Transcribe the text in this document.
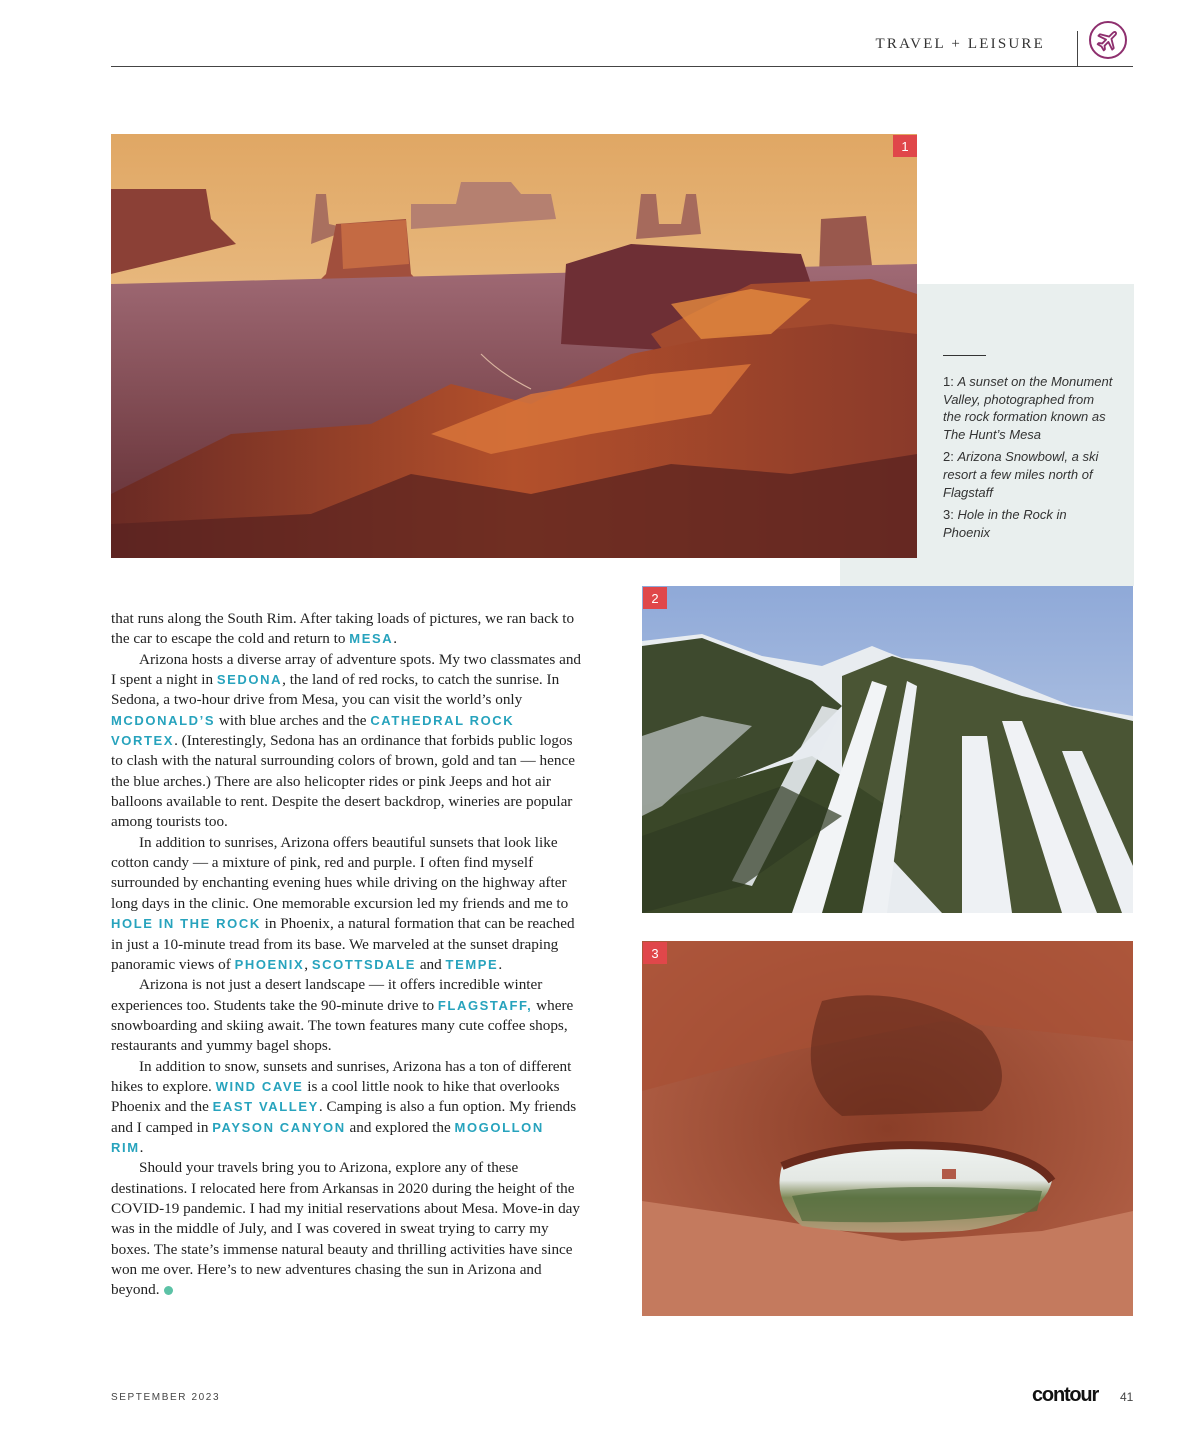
TRAVEL + LEISURE
1
1: A sunset on the Monument Valley, photographed from the rock formation known as The Hunt’s Mesa
2: Arizona Snowbowl, a ski resort a few miles north of Flagstaff
3: Hole in the Rock in Phoenix
2
3

that runs along the South Rim. After taking loads of pictures, we ran back to the car to escape the cold and return to MESA.

Arizona hosts a diverse array of adventure spots. My two classmates and I spent a night in SEDONA, the land of red rocks, to catch the sunrise. In Sedona, a two-hour drive from Mesa, you can visit the world’s only MCDONALD’S with blue arches and the CATHEDRAL ROCK VORTEX. (Interestingly, Sedona has an ordinance that forbids public logos to clash with the natural surrounding colors of brown, gold and tan — hence the blue arches.) There are also helicopter rides or pink Jeeps and hot air balloons available to rent. Despite the desert backdrop, wineries are popular among tourists too.

In addition to sunrises, Arizona offers beautiful sunsets that look like cotton candy — a mixture of pink, red and purple. I often find myself surrounded by enchanting evening hues while driving on the highway after long days in the clinic. One memorable excursion led my friends and me to HOLE IN THE ROCK in Phoenix, a natural formation that can be reached in just a 10-minute tread from its base. We marveled at the sunset draping panoramic views of PHOENIX, SCOTTSDALE and TEMPE.

Arizona is not just a desert landscape — it offers incredible winter experiences too. Students take the 90-minute drive to FLAGSTAFF, where snowboarding and skiing await. The town features many cute coffee shops, restaurants and yummy bagel shops.

In addition to snow, sunsets and sunrises, Arizona has a ton of different hikes to explore. WIND CAVE is a cool little nook to hike that overlooks Phoenix and the EAST VALLEY. Camping is also a fun option. My friends and I camped in PAYSON CANYON and explored the MOGOLLON RIM.

Should your travels bring you to Arizona, explore any of these destinations. I relocated here from Arkansas in 2020 during the height of the COVID-19 pandemic. I had my initial reservations about Mesa. Move-in day was in the middle of July, and I was covered in sweat trying to carry my boxes. The state’s immense natural beauty and thrilling activities have since won me over. Here’s to new adventures chasing the sun in Arizona and beyond.

SEPTEMBER 2023	contour 41
